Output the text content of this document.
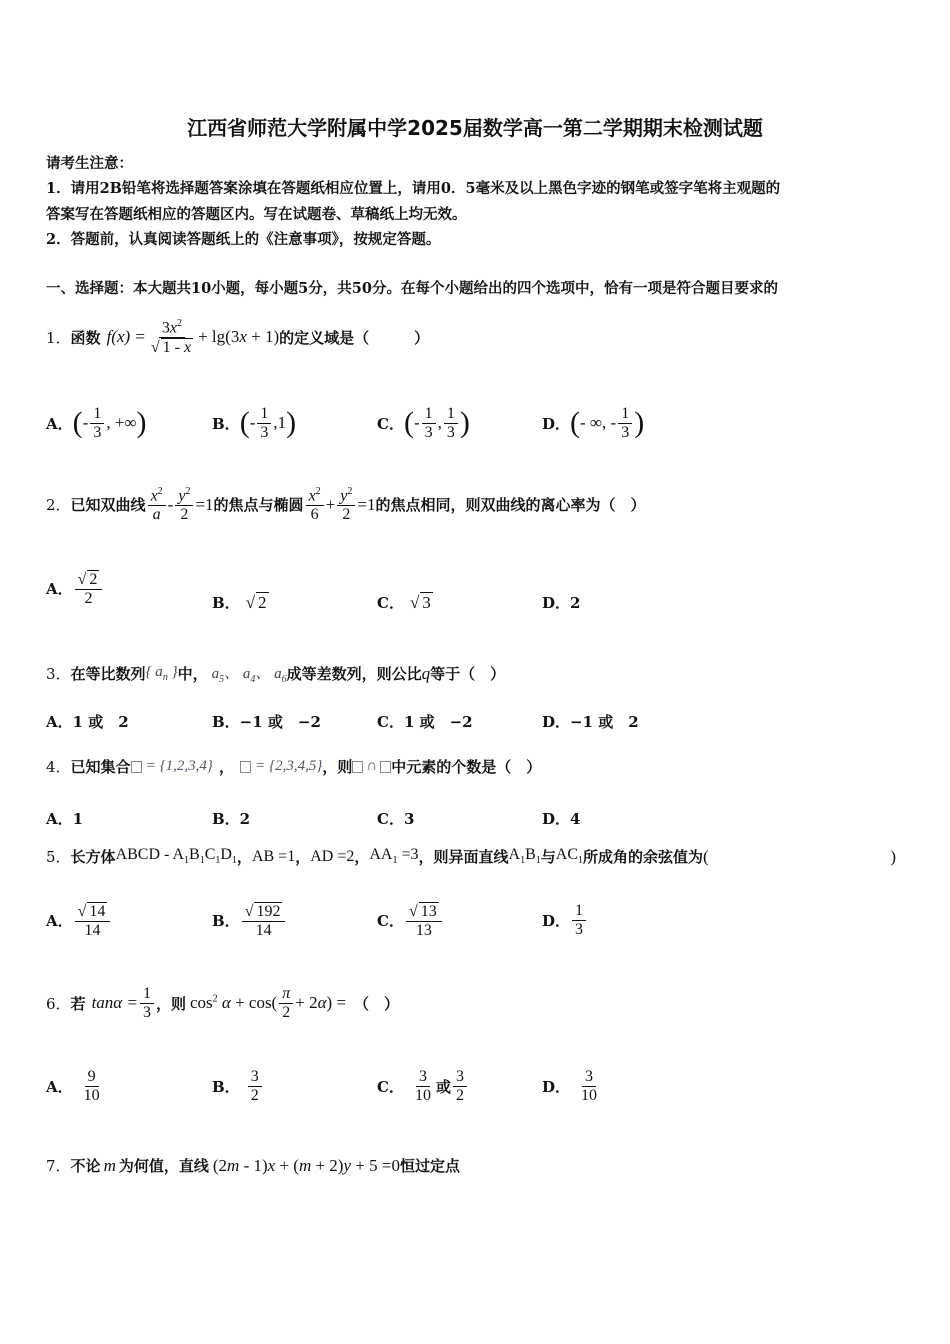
江西省师范大学附属中学2025届数学高一第二学期期末检测试题
请考生注意：
1．请用2B铅笔将选择题答案涂填在答题纸相应位置上，请用0．5毫米及以上黑色字迹的钢笔或签字笔将主观题的
答案写在答题纸相应的答题区内。写在试题卷、草稿纸上均无效。
2．答题前，认真阅读答题纸上的《注意事项》，按规定答题。
一、选择题：本大题共10小题，每小题5分，共50分。在每个小题给出的四个选项中，恰有一项是符合题目要求的
1． 函数 $f(x) = \frac{3x^2}{√ 1 - x} + \lg(3x + 1)$ 的定义域是（　　　）
A． ( - $\frac{1}{3}$ , +∞ )	B． ( - $\frac{1}{3} ,1$ )	C． ( - $\frac{1}{3}$ , $\frac{1}{3}$ )	D． ( - ∞, - $\frac{1}{3}$ )
2． 已知双曲线 $\frac{x^2}{a} - \frac{y^2}{2} =1$ 的焦点与椭圆 $\frac{x^2}{6} + \frac{y^2}{2} =1$ 的焦点相同，则双曲线的离心率为（　）
A． $\frac{√ 2}{2}$	B． √ 2	C． √ 3	D．2
3． 在等比数列 { $a_n$ } 中， $a_5$、 $a_4$、 $a_6$ 成等差数列，则公比 q 等于（　）
A．1 或　2	B．−1 或　−2	C．1 或　−2	D．−1 或　2
4． 已知集合 = {1,2,3,4} ， = {2,3,4,5} ，则 ∩ 中元素的个数是（　）
A．1	B．2	C．3	D．4
5． 长方体 ABCD - $A_1B_1C_1D_1$ ， AB =1 ， AD =2 ， $AA_1 =3$ ，则异面直线 $A_1B_1$ 与 $AC_1$ 所成角的余弦值为 (	)
A． $\frac{√ 14}{14}$	B． $\frac{√ 192}{14}$	C． $\frac{√ 13}{13}$	D． $\frac{1}{3}$
6． 若 $\tan\alpha = \frac{1}{3}$ ，则 $\cos^2 \alpha + \cos( \frac{\pi}{2} + 2\alpha)$ = （　）
A． $\frac{9}{10}$	B． $\frac{3}{2}$	C． $\frac{3}{10}$ 或 $\frac{3}{2}$	D． $\frac{3}{10}$
7． 不论 m 为何值，直线 (2m - 1)x + (m + 2)y + 5 =0 恒过定点
